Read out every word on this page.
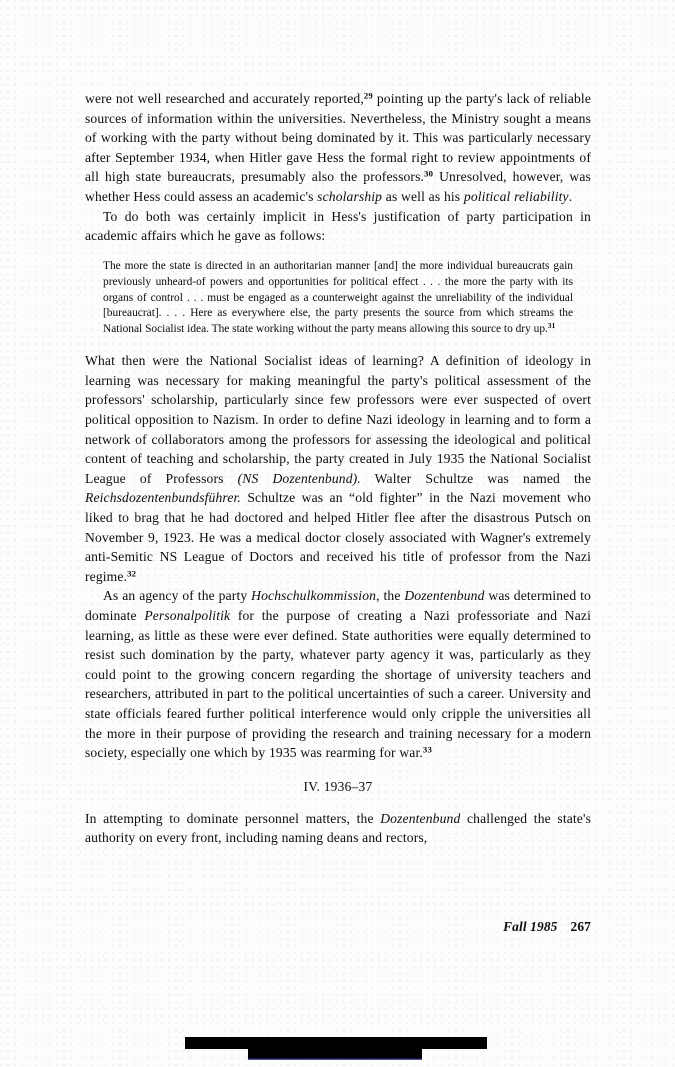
were not well researched and accurately reported,$^{29}$ pointing up the party's lack of reliable sources of information within the universities. Nevertheless, the Ministry sought a means of working with the party without being dominated by it. This was particularly necessary after September 1934, when Hitler gave Hess the formal right to review appointments of all high state bureaucrats, presumably also the professors.$^{30}$ Unresolved, however, was whether Hess could assess an academic's scholarship as well as his political reliability.

To do both was certainly implicit in Hess's justification of party participation in academic affairs which he gave as follows:

The more the state is directed in an authoritarian manner [and] the more individual bureaucrats gain previously unheard-of powers and opportunities for political effect . . . the more the party with its organs of control . . . must be engaged as a counterweight against the unreliability of the individual [bureaucrat]. . . . Here as everywhere else, the party presents the source from which streams the National Socialist idea. The state working without the party means allowing this source to dry up.$^{31}$

What then were the National Socialist ideas of learning? A definition of ideology in learning was necessary for making meaningful the party's political assessment of the professors' scholarship, particularly since few professors were ever suspected of overt political opposition to Nazism. In order to define Nazi ideology in learning and to form a network of collaborators among the professors for assessing the ideological and political content of teaching and scholarship, the party created in July 1935 the National Socialist League of Professors (NS Dozentenbund). Walter Schultze was named the Reichsdozentenbundsführer. Schultze was an “old fighter” in the Nazi movement who liked to brag that he had doctored and helped Hitler flee after the disastrous Putsch on November 9, 1923. He was a medical doctor closely associated with Wagner's extremely anti-Semitic NS League of Doctors and received his title of professor from the Nazi regime.$^{32}$

As an agency of the party Hochschulkommission, the Dozentenbund was determined to dominate Personalpolitik for the purpose of creating a Nazi professoriate and Nazi learning, as little as these were ever defined. State authorities were equally determined to resist such domination by the party, whatever party agency it was, particularly as they could point to the growing concern regarding the shortage of university teachers and researchers, attributed in part to the political uncertainties of such a career. University and state officials feared further political interference would only cripple the universities all the more in their purpose of providing the research and training necessary for a modern society, especially one which by 1935 was rearming for war.$^{33}$

IV. 1936–37

In attempting to dominate personnel matters, the Dozentenbund challenged the state's authority on every front, including naming deans and rectors,

Fall 1985 267
